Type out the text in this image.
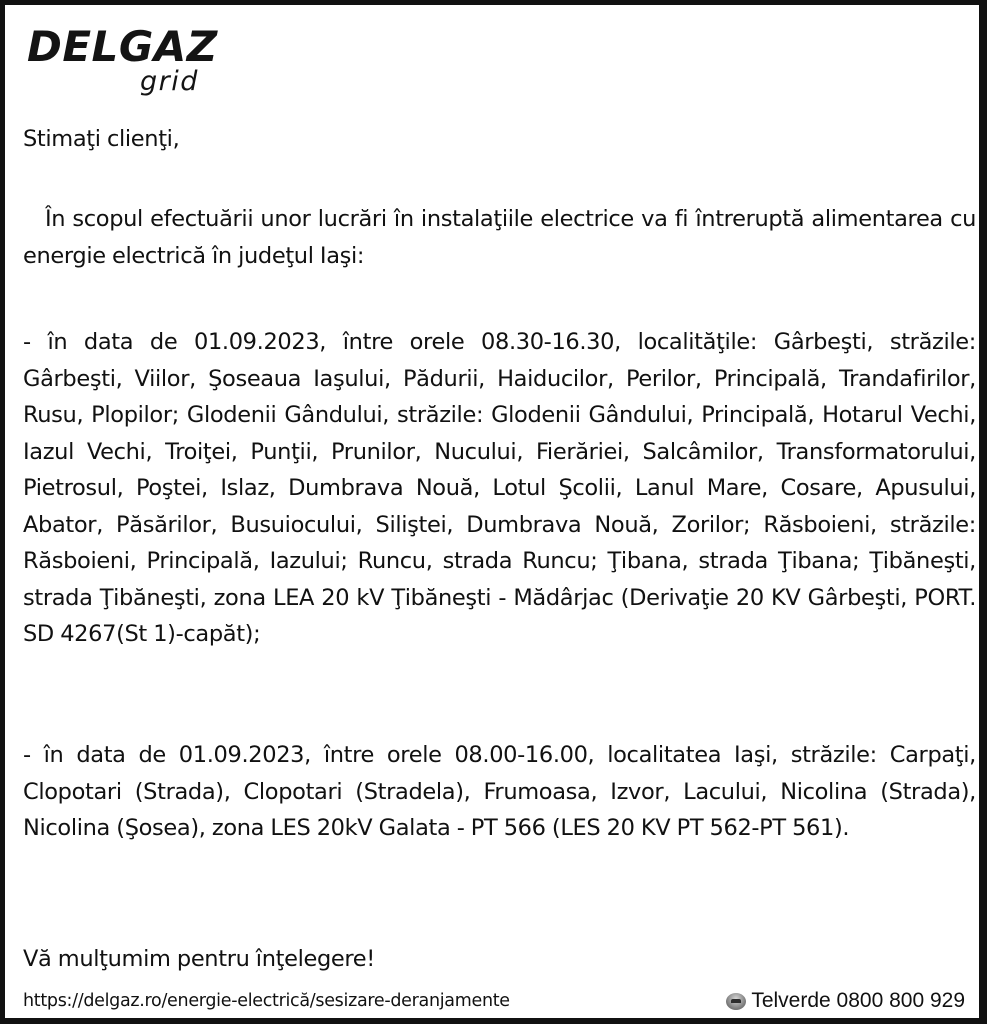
DELGAZ
grid

Stimaţi clienţi,

În scopul efectuării unor lucrări în instalaţiile electrice va fi întreruptă alimentarea cu energie electrică în judeţul Iaşi:

- în data de 01.09.2023, între orele 08.30-16.30, localităţile: Gârbeşti, străzile: Gârbeşti, Viilor, Şoseaua Iaşului, Pădurii, Haiducilor, Perilor, Principală, Trandafirilor, Rusu, Plopilor; Glodenii Gândului, străzile: Glodenii Gândului, Principală, Hotarul Vechi, Iazul Vechi, Troiţei, Punţii, Prunilor, Nucului, Fierăriei, Salcâmilor, Transformatorului, Pietrosul, Poştei, Islaz, Dumbrava Nouă, Lotul Şcolii, Lanul Mare, Cosare, Apusului, Abator, Păsărilor, Busuiocului, Siliştei, Dumbrava Nouă, Zorilor; Răsboieni, străzile: Răsboieni, Principală, Iazului; Runcu, strada Runcu; Ţibana, strada Ţibana; Ţibăneşti, strada Ţibăneşti, zona LEA 20 kV Ţibăneşti - Mădârjac (Derivaţie 20 KV Gârbeşti, PORT. SD 4267(St 1)-capăt);

- în data de 01.09.2023, între orele 08.00-16.00, localitatea Iaşi, străzile: Carpaţi, Clopotari (Strada), Clopotari (Stradela), Frumoasa, Izvor, Lacului, Nicolina (Strada), Nicolina (Şosea), zona LES 20kV Galata - PT 566 (LES 20 KV PT 562-PT 561).

Vă mulţumim pentru înţelegere!

https://delgaz.ro/energie-electrică/sesizare-deranjamente	Telverde 0800 800 929
